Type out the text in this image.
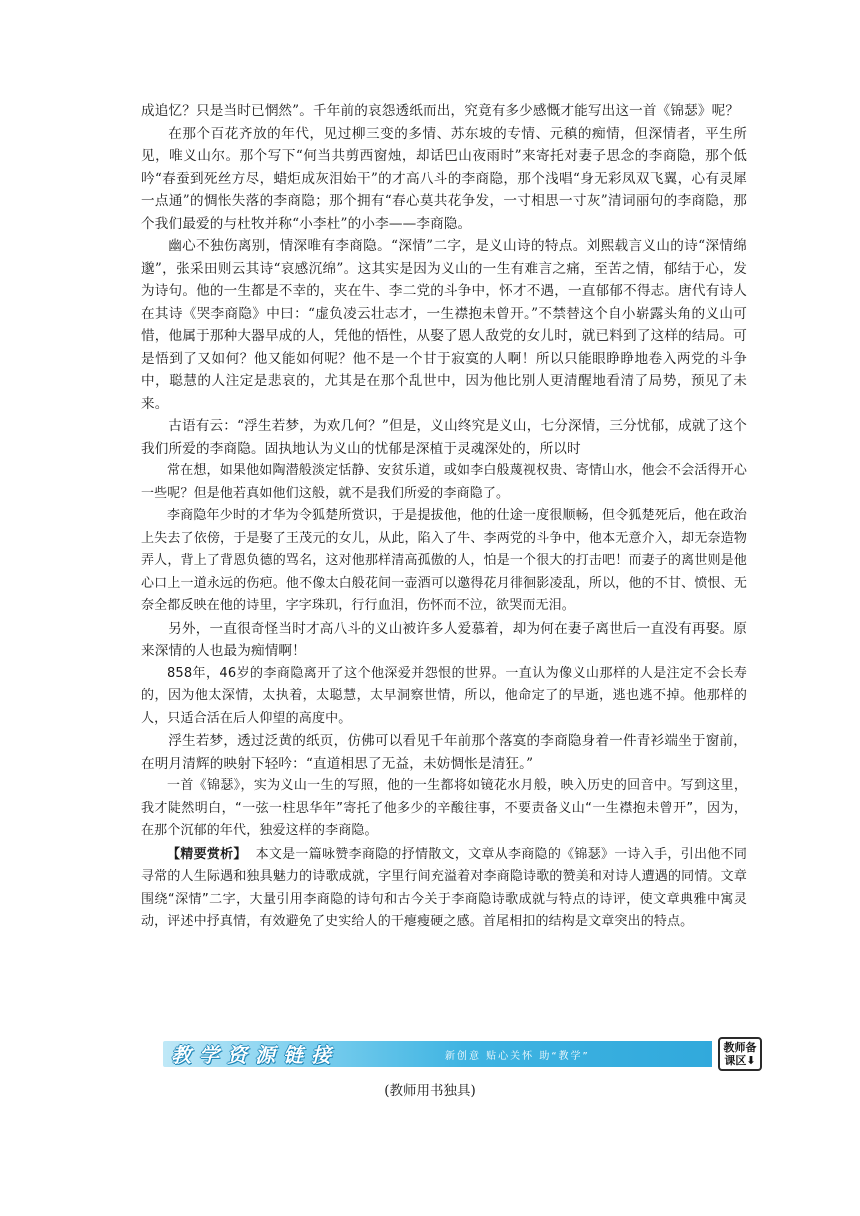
成追忆？只是当时已惘然”。千年前的哀怨透纸而出，究竟有多少感慨才能写出这一首《锦瑟》呢？

在那个百花齐放的年代，见过柳三变的多情、苏东坡的专情、元稹的痴情，但深情者，平生所见，唯义山尔。那个写下“何当共剪西窗烛，却话巴山夜雨时”来寄托对妻子思念的李商隐，那个低吟“春蚕到死丝方尽，蜡炬成灰泪始干”的才高八斗的李商隐，那个浅唱“身无彩凤双飞翼，心有灵犀一点通”的惆怅失落的李商隐；那个拥有“春心莫共花争发，一寸相思一寸灰”清词丽句的李商隐，那个我们最爱的与杜牧并称“小李杜”的小李——李商隐。

幽心不独伤离别，情深唯有李商隐。“深情”二字，是义山诗的特点。刘熙载言义山的诗“深情绵邈”，张采田则云其诗“哀感沉绵”。这其实是因为义山的一生有难言之痛，至苦之情，郁结于心，发为诗句。他的一生都是不幸的，夹在牛、李二党的斗争中，怀才不遇，一直郁郁不得志。唐代有诗人在其诗《哭李商隐》中曰：“虚负凌云壮志才，一生襟抱未曾开。”不禁替这个自小崭露头角的义山可惜，他属于那种大器早成的人，凭他的悟性，从娶了恩人敌党的女儿时，就已料到了这样的结局。可是悟到了又如何？他又能如何呢？他不是一个甘于寂寞的人啊！所以只能眼睁睁地卷入两党的斗争中，聪慧的人注定是悲哀的，尤其是在那个乱世中，因为他比别人更清醒地看清了局势，预见了未来。

古语有云：“浮生若梦，为欢几何？”但是，义山终究是义山，七分深情，三分忧郁，成就了这个我们所爱的李商隐。固执地认为义山的忧郁是深植于灵魂深处的，所以时

常在想，如果他如陶潜般淡定恬静、安贫乐道，或如李白般蔑视权贵、寄情山水，他会不会活得开心一些呢？但是他若真如他们这般，就不是我们所爱的李商隐了。

李商隐年少时的才华为令狐楚所赏识，于是提拔他，他的仕途一度很顺畅，但令狐楚死后，他在政治上失去了依傍，于是娶了王茂元的女儿，从此，陷入了牛、李两党的斗争中，他本无意介入，却无奈造物弄人，背上了背恩负德的骂名，这对他那样清高孤傲的人，怕是一个很大的打击吧！而妻子的离世则是他心口上一道永远的伤疤。他不像太白般花间一壶酒可以邀得花月徘徊影凌乱，所以，他的不甘、愤恨、无奈全都反映在他的诗里，字字珠玑，行行血泪，伤怀而不泣，欲哭而无泪。

另外，一直很奇怪当时才高八斗的义山被许多人爱慕着，却为何在妻子离世后一直没有再娶。原来深情的人也最为痴情啊！

858年，46岁的李商隐离开了这个他深爱并怨恨的世界。一直认为像义山那样的人是注定不会长寿的，因为他太深情，太执着，太聪慧，太早洞察世情，所以，他命定了的早逝，逃也逃不掉。他那样的人，只适合活在后人仰望的高度中。

浮生若梦，透过泛黄的纸页，仿佛可以看见千年前那个落寞的李商隐身着一件青衫端坐于窗前，在明月清辉的映射下轻吟：“直道相思了无益，未妨惆怅是清狂。”

一首《锦瑟》，实为义山一生的写照，他的一生都将如镜花水月般，映入历史的回音中。写到这里，我才陡然明白，“一弦一柱思华年”寄托了他多少的辛酸往事，不要责备义山“一生襟抱未曾开”，因为，在那个沉郁的年代，独爱这样的李商隐。

【精要赏析】 本文是一篇咏赞李商隐的抒情散文，文章从李商隐的《锦瑟》一诗入手，引出他不同寻常的人生际遇和独具魅力的诗歌成就，字里行间充溢着对李商隐诗歌的赞美和对诗人遭遇的同情。文章围绕“深情”二字，大量引用李商隐的诗句和古今关于李商隐诗歌成就与特点的诗评，使文章典雅中寓灵动，评述中抒真情，有效避免了史实给人的干瘪瘦硬之感。首尾相扣的结构是文章突出的特点。

教学资源链接	新创意 贴心关怀 助“教学”
教师备
课区⬇
(教师用书独具)
